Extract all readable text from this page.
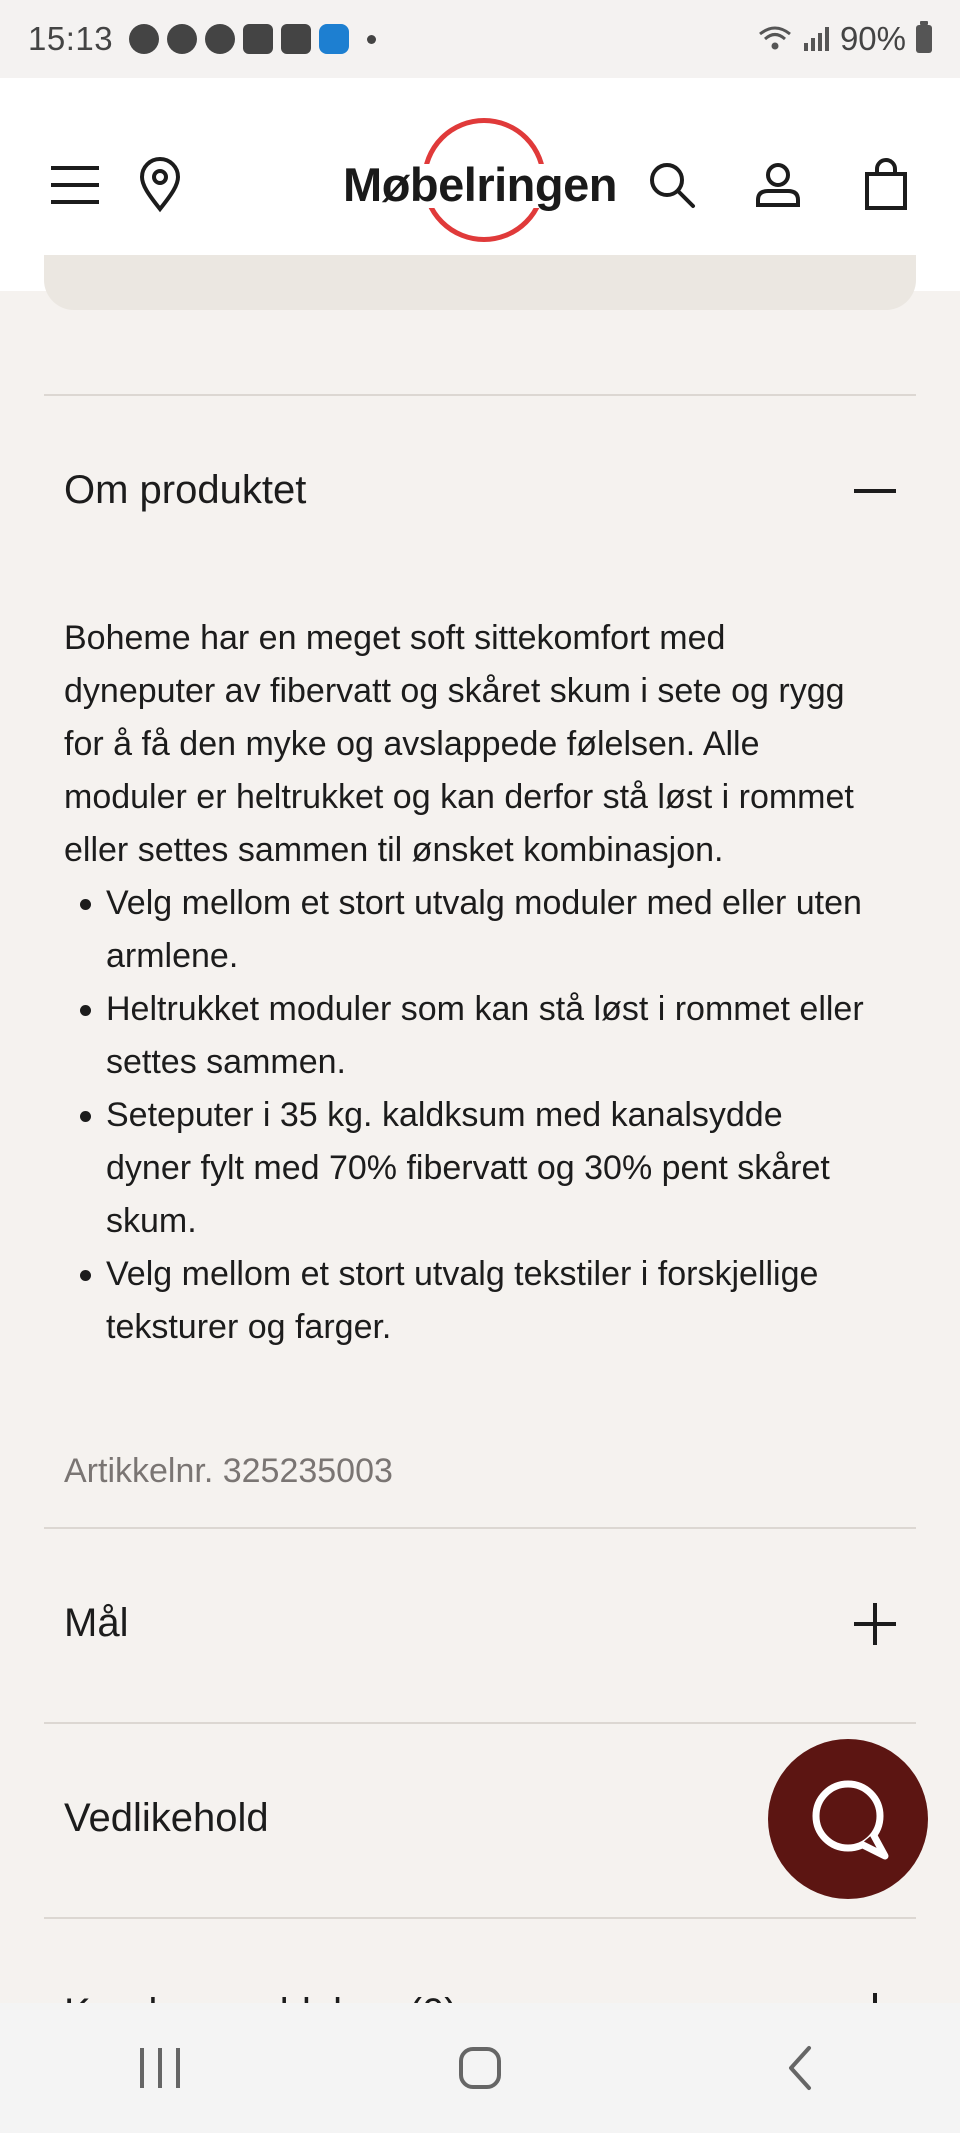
15:13	90%
Møbelringen
Om produktet
Boheme har en meget soft sittekomfort med dyneputer av fibervatt og skåret skum i sete og rygg for å få den myke og avslappede følelsen. Alle moduler er heltrukket og kan derfor stå løst i rommet eller settes sammen til ønsket kombinasjon.
Velg mellom et stort utvalg moduler med eller uten armlene.
Heltrukket moduler som kan stå løst i rommet eller settes sammen.
Seteputer i 35 kg. kaldksum med kanalsydde dyner fylt med 70% fibervatt og 30% pent skåret skum.
Velg mellom et stort utvalg tekstiler i forskjellige teksturer og farger.
Artikkelnr. 325235003
Mål
Vedlikehold
